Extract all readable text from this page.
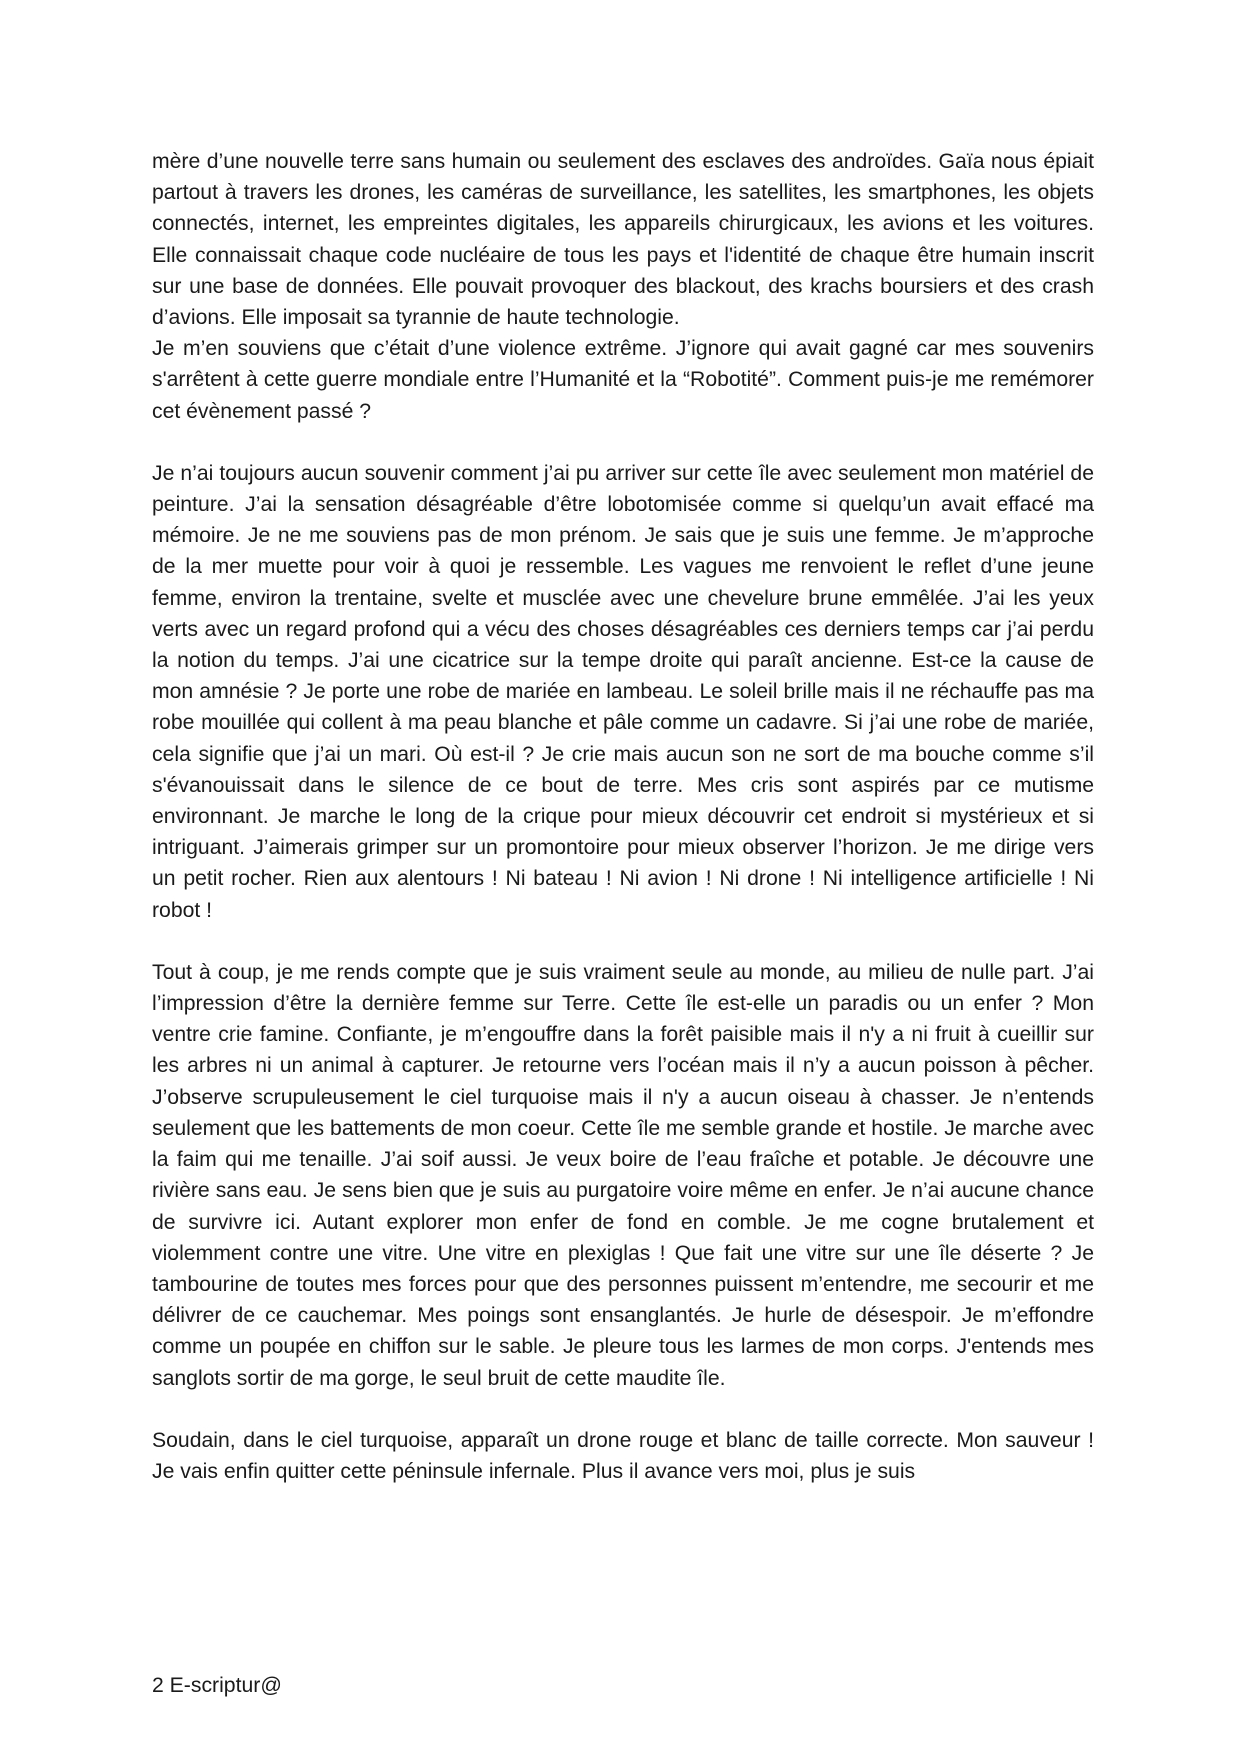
mère d’une nouvelle terre sans humain ou seulement des esclaves des androïdes. Gaïa nous épiait partout à travers les drones, les caméras de surveillance, les satellites, les smartphones, les objets connectés, internet, les empreintes digitales, les appareils chirurgicaux, les avions et les voitures. Elle connaissait chaque code nucléaire de tous les pays et l'identité de chaque être humain inscrit sur une base de données. Elle pouvait provoquer des blackout, des krachs boursiers et des crash d’avions. Elle imposait sa tyrannie de haute technologie.
Je m’en souviens que c’était d’une violence extrême. J’ignore qui avait gagné car mes souvenirs s'arrêtent à cette guerre mondiale entre l’Humanité et la “Robotité”. Comment puis-je me remémorer cet évènement passé ?

Je n’ai toujours aucun souvenir comment j’ai pu arriver sur cette île avec seulement mon matériel de peinture. J’ai la sensation désagréable d’être lobotomisée comme si quelqu’un avait effacé ma mémoire. Je ne me souviens pas de mon prénom. Je sais que je suis une femme. Je m’approche de la mer muette pour voir à quoi je ressemble. Les vagues me renvoient le reflet d’une jeune femme, environ la trentaine, svelte et musclée avec une chevelure brune emmêlée. J’ai les yeux verts avec un regard profond qui a vécu des choses désagréables ces derniers temps car j’ai perdu la notion du temps. J’ai une cicatrice sur la tempe droite qui paraît ancienne. Est-ce la cause de mon amnésie ? Je porte une robe de mariée en lambeau. Le soleil brille mais il ne réchauffe pas ma robe mouillée qui collent à ma peau blanche et pâle comme un cadavre. Si j’ai une robe de mariée, cela signifie que j’ai un mari. Où est-il ? Je crie mais aucun son ne sort de ma bouche comme s’il s'évanouissait dans le silence de ce bout de terre. Mes cris sont aspirés par ce mutisme environnant. Je marche le long de la crique pour mieux découvrir cet endroit si mystérieux et si intriguant. J’aimerais grimper sur un promontoire pour mieux observer l’horizon. Je me dirige vers un petit rocher. Rien aux alentours ! Ni bateau ! Ni avion ! Ni drone ! Ni intelligence artificielle ! Ni robot !

Tout à coup, je me rends compte que je suis vraiment seule au monde, au milieu de nulle part. J’ai l’impression d’être la dernière femme sur Terre. Cette île est-elle un paradis ou un enfer ? Mon ventre crie famine. Confiante, je m’engouffre dans la forêt paisible mais il n'y a ni fruit à cueillir sur les arbres ni un animal à capturer. Je retourne vers l’océan mais il n’y a aucun poisson à pêcher. J’observe scrupuleusement le ciel turquoise mais il n'y a aucun oiseau à chasser. Je n’entends seulement que les battements de mon coeur. Cette île me semble grande et hostile. Je marche avec la faim qui me tenaille. J’ai soif aussi. Je veux boire de l’eau fraîche et potable. Je découvre une rivière sans eau. Je sens bien que je suis au purgatoire voire même en enfer. Je n’ai aucune chance de survivre ici. Autant explorer mon enfer de fond en comble. Je me cogne brutalement et violemment contre une vitre. Une vitre en plexiglas ! Que fait une vitre sur une île déserte ? Je tambourine de toutes mes forces pour que des personnes puissent m’entendre, me secourir et me délivrer de ce cauchemar. Mes poings sont ensanglantés. Je hurle de désespoir. Je m’effondre comme un poupée en chiffon sur le sable. Je pleure tous les larmes de mon corps. J'entends mes sanglots sortir de ma gorge, le seul bruit de cette maudite île.

Soudain, dans le ciel turquoise, apparaît un drone rouge et blanc de taille correcte. Mon sauveur ! Je vais enfin quitter cette péninsule infernale. Plus il avance vers moi, plus je suis

2 E-scriptur@
